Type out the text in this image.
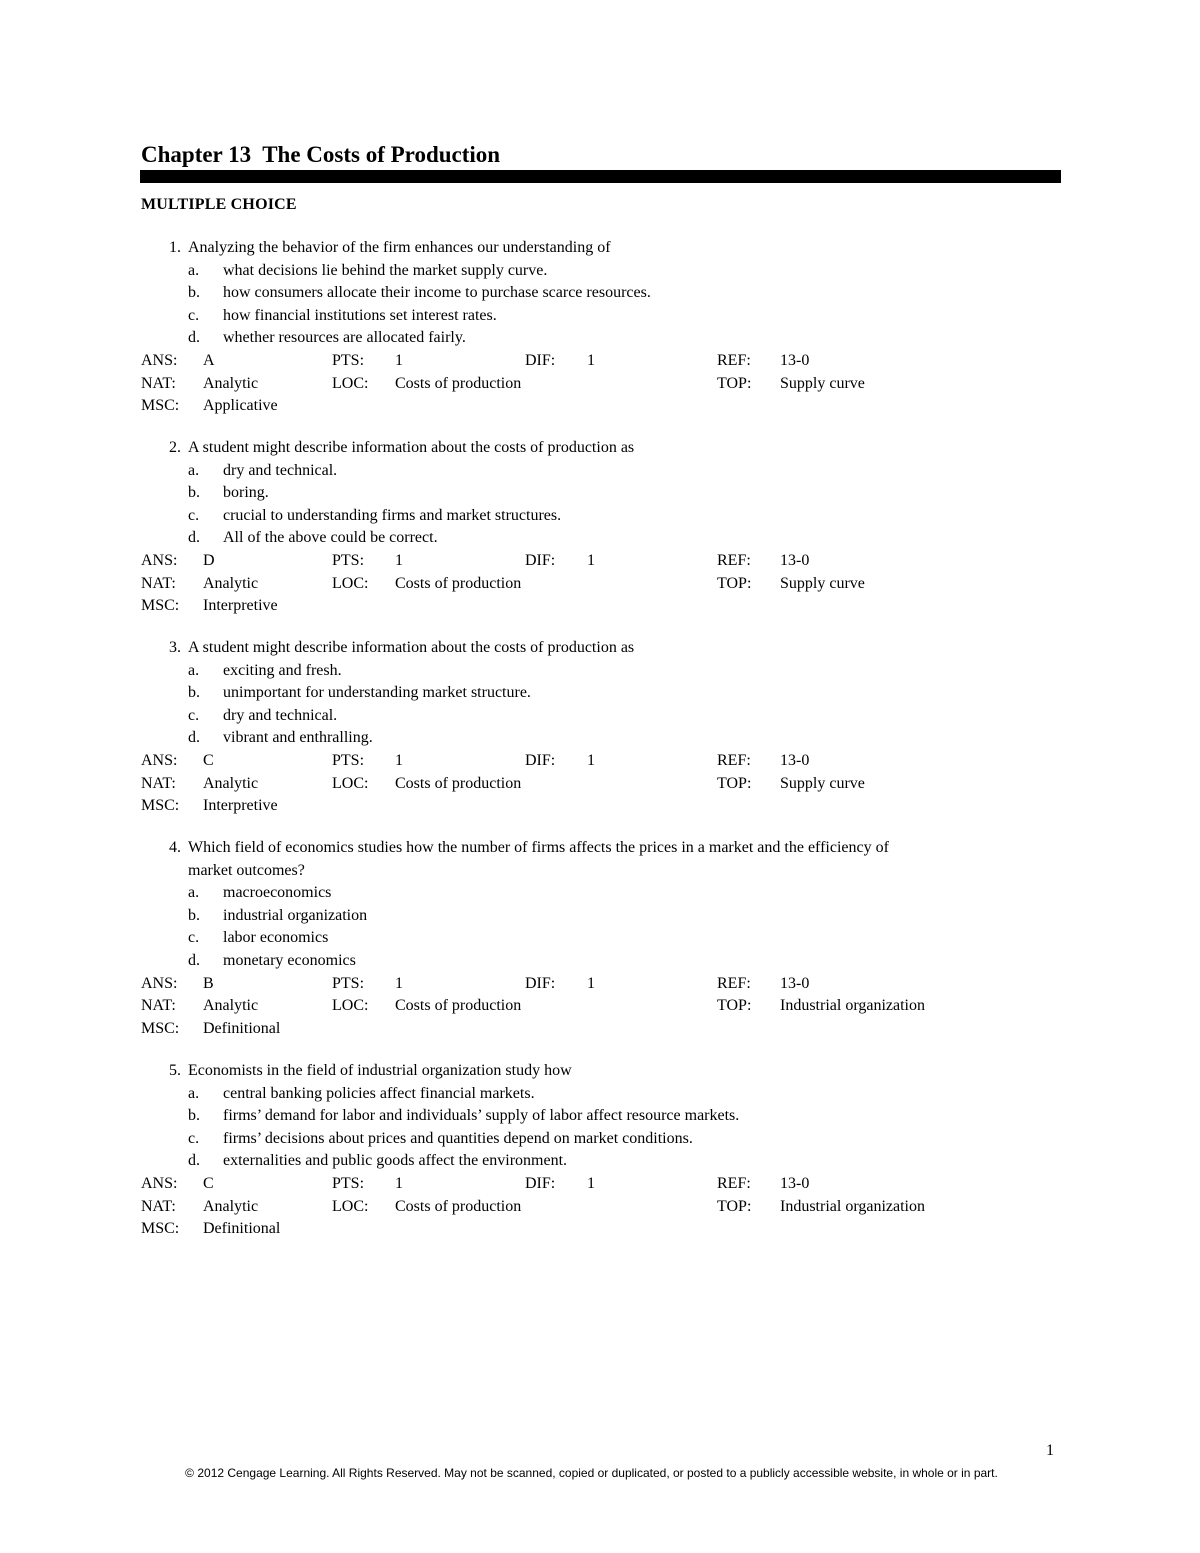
Chapter 13  The Costs of Production
MULTIPLE CHOICE
1. Analyzing the behavior of the firm enhances our understanding of
a. what decisions lie behind the market supply curve.
b. how consumers allocate their income to purchase scarce resources.
c. how financial institutions set interest rates.
d. whether resources are allocated fairly.
ANS: A	PTS: 1	DIF: 1	REF: 13-0
NAT: Analytic	LOC: Costs of production	TOP: Supply curve
MSC: Applicative
2. A student might describe information about the costs of production as
a. dry and technical.
b. boring.
c. crucial to understanding firms and market structures.
d. All of the above could be correct.
ANS: D	PTS: 1	DIF: 1	REF: 13-0
NAT: Analytic	LOC: Costs of production	TOP: Supply curve
MSC: Interpretive
3. A student might describe information about the costs of production as
a. exciting and fresh.
b. unimportant for understanding market structure.
c. dry and technical.
d. vibrant and enthralling.
ANS: C	PTS: 1	DIF: 1	REF: 13-0
NAT: Analytic	LOC: Costs of production	TOP: Supply curve
MSC: Interpretive
4. Which field of economics studies how the number of firms affects the prices in a market and the efficiency of
market outcomes?
a. macroeconomics
b. industrial organization
c. labor economics
d. monetary economics
ANS: B	PTS: 1	DIF: 1	REF: 13-0
NAT: Analytic	LOC: Costs of production	TOP: Industrial organization
MSC: Definitional
5. Economists in the field of industrial organization study how
a. central banking policies affect financial markets.
b. firms’ demand for labor and individuals’ supply of labor affect resource markets.
c. firms’ decisions about prices and quantities depend on market conditions.
d. externalities and public goods affect the environment.
ANS: C	PTS: 1	DIF: 1	REF: 13-0
NAT: Analytic	LOC: Costs of production	TOP: Industrial organization
MSC: Definitional
1
© 2012 Cengage Learning. All Rights Reserved. May not be scanned, copied or duplicated, or posted to a publicly accessible website, in whole or in part.
